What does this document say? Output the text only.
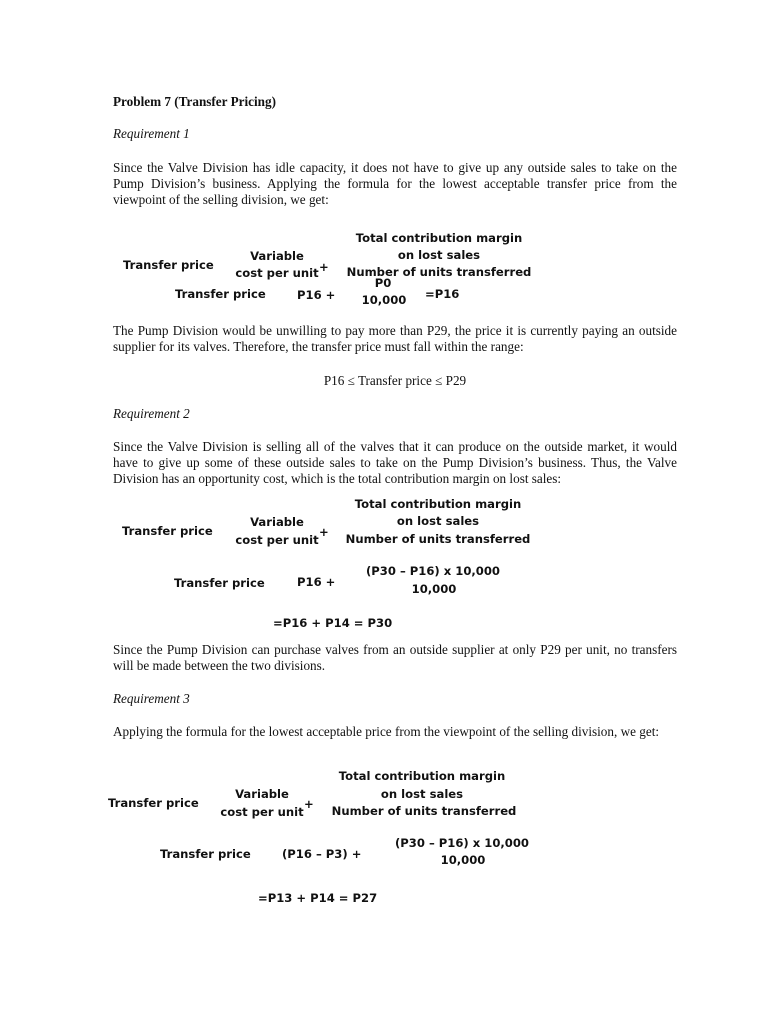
Problem 7 (Transfer Pricing)
Requirement 1
Since the Valve Division has idle capacity, it does not have to give up any outside sales to take on the Pump Division’s business. Applying the formula for the lowest acceptable transfer price from the viewpoint of the selling division, we get:
Transfer price
Variable
cost per unit +
Total contribution margin
on lost sales
Number of units transferred
Transfer price	P16 +
P0
10,000 =P16
The Pump Division would be unwilling to pay more than P29, the price it is currently paying an outside supplier for its valves. Therefore, the transfer price must fall within the range:
P16 ≤ Transfer price ≤ P29
Requirement 2
Since the Valve Division is selling all of the valves that it can produce on the outside market, it would have to give up some of these outside sales to take on the Pump Division’s business. Thus, the Valve Division has an opportunity cost, which is the total contribution margin on lost sales:
Transfer price
Variable
cost per unit
+
Total contribution margin
on lost sales
Number of units transferred
Transfer price	P16 +
(P30 – P16) x 10,000
10,000
=P16 + P14 = P30
Since the Pump Division can purchase valves from an outside supplier at only P29 per unit, no transfers will be made between the two divisions.
Requirement 3
Applying the formula for the lowest acceptable price from the viewpoint of the selling division, we get:
Transfer price
Variable
cost per unit
+
Total contribution margin
on lost sales
Number of units transferred
Transfer price	(P16 – P3) +
(P30 – P16) x 10,000
10,000
=P13 + P14 = P27
